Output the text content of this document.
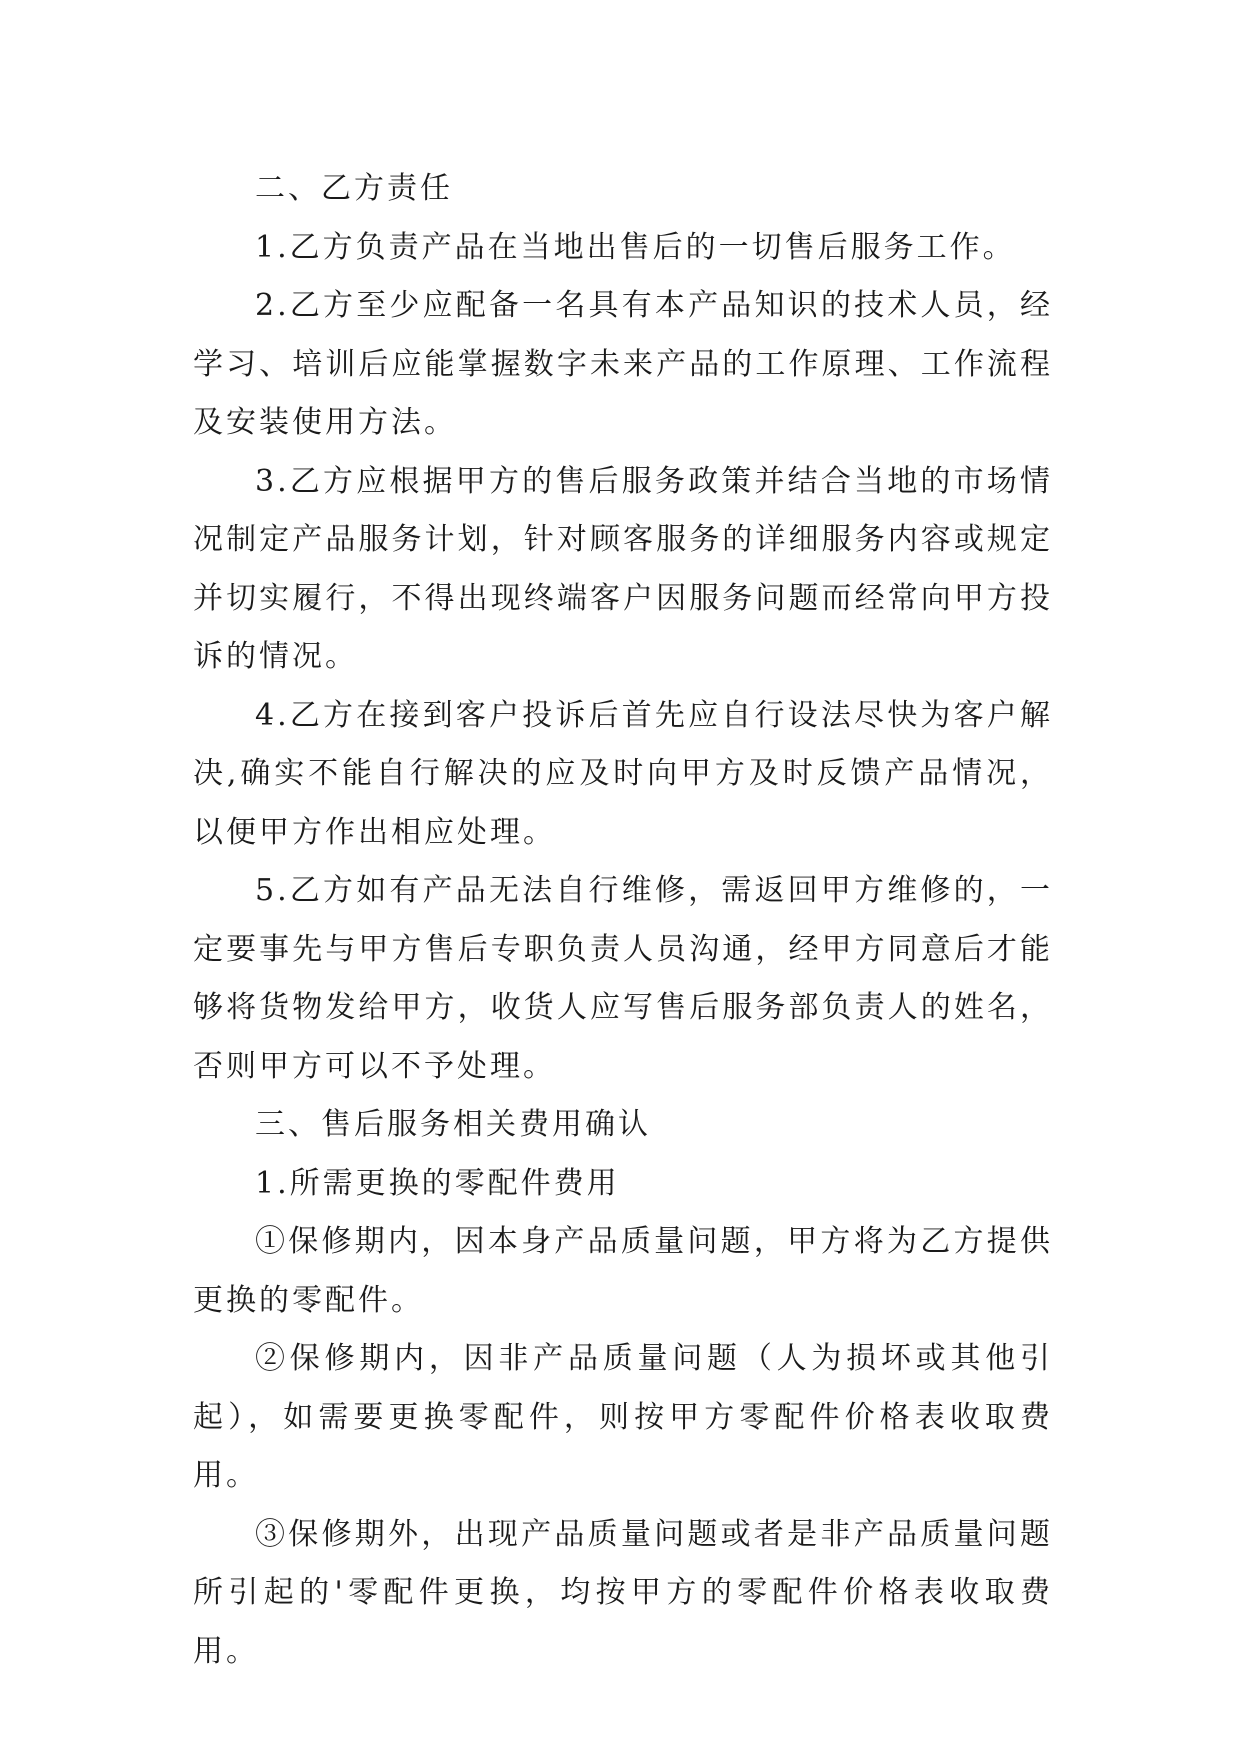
二、乙方责任

1.乙方负责产品在当地出售后的一切售后服务工作。

2.乙方至少应配备一名具有本产品知识的技术人员，经学习、培训后应能掌握数字未来产品的工作原理、工作流程及安装使用方法。

3.乙方应根据甲方的售后服务政策并结合当地的市场情况制定产品服务计划，针对顾客服务的详细服务内容或规定并切实履行，不得出现终端客户因服务问题而经常向甲方投诉的情况。

4.乙方在接到客户投诉后首先应自行设法尽快为客户解决,确实不能自行解决的应及时向甲方及时反馈产品情况，以便甲方作出相应处理。

5.乙方如有产品无法自行维修，需返回甲方维修的，一定要事先与甲方售后专职负责人员沟通，经甲方同意后才能够将货物发给甲方，收货人应写售后服务部负责人的姓名，否则甲方可以不予处理。

三、售后服务相关费用确认

1.所需更换的零配件费用

①保修期内，因本身产品质量问题，甲方将为乙方提供更换的零配件。

②保修期内，因非产品质量问题（人为损坏或其他引起），如需要更换零配件，则按甲方零配件价格表收取费用。

③保修期外，出现产品质量问题或者是非产品质量问题所引起的'零配件更换，均按甲方的零配件价格表收取费用。
